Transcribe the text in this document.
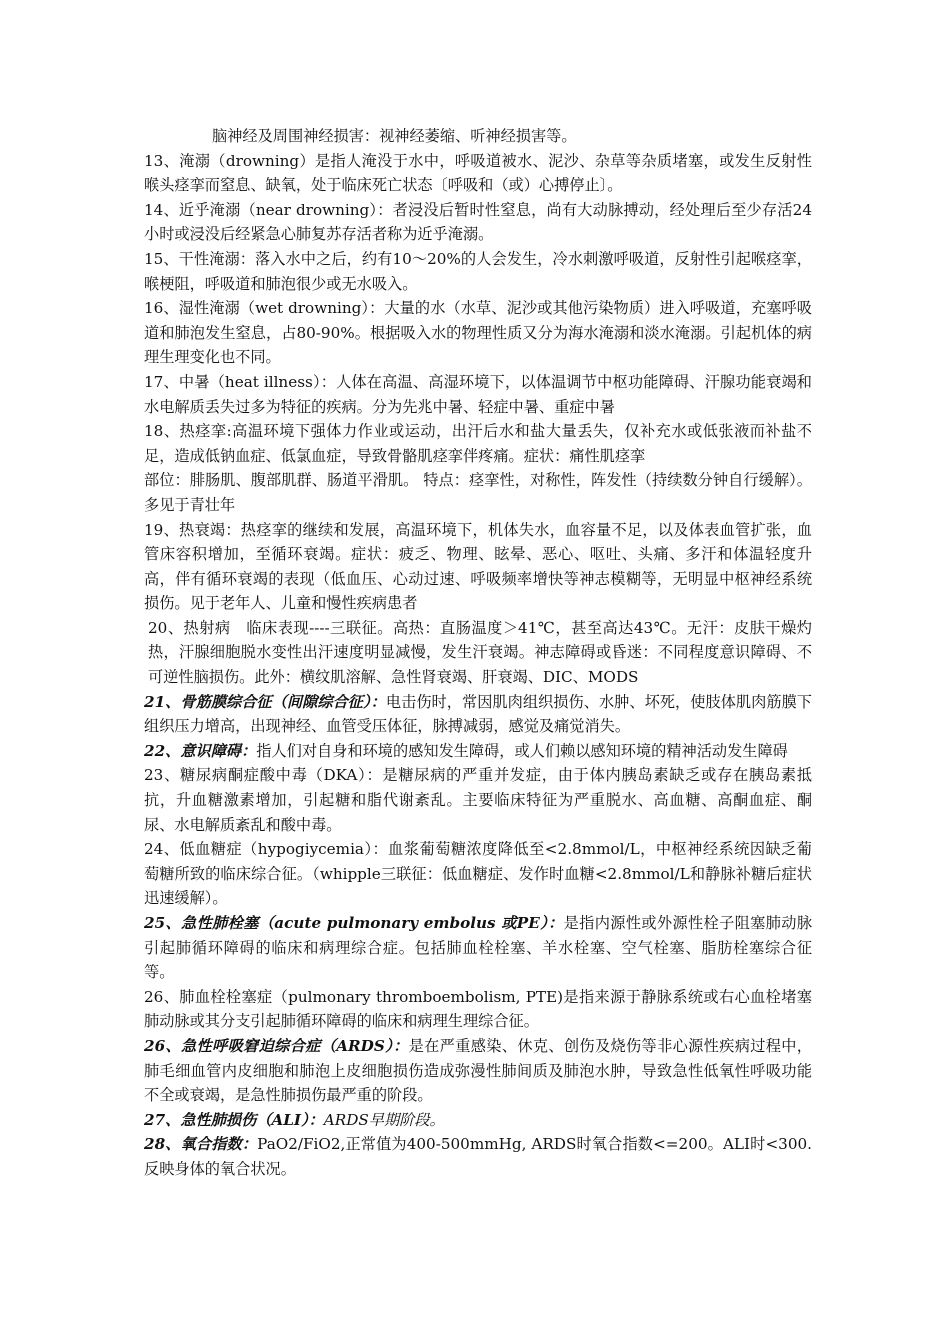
脑神经及周围神经损害：视神经萎缩、听神经损害等。

13、淹溺（drowning）是指人淹没于水中，呼吸道被水、泥沙、杂草等杂质堵塞，或发生反射性喉头痉挛而窒息、缺氧，处于临床死亡状态〔呼吸和（或）心搏停止〕。

14、近乎淹溺（near drowning）：者浸没后暂时性窒息，尚有大动脉搏动，经处理后至少存活24小时或浸没后经紧急心肺复苏存活者称为近乎淹溺。

15、干性淹溺：落入水中之后，约有10～20%的人会发生，冷水刺激呼吸道，反射性引起喉痉挛，喉梗阻，呼吸道和肺泡很少或无水吸入。

16、湿性淹溺（wet drowning）：大量的水（水草、泥沙或其他污染物质）进入呼吸道，充塞呼吸道和肺泡发生窒息，占80-90%。根据吸入水的物理性质又分为海水淹溺和淡水淹溺。引起机体的病理生理变化也不同。

17、中暑（heat illness）：人体在高温、高湿环境下，以体温调节中枢功能障碍、汗腺功能衰竭和水电解质丢失过多为特征的疾病。分为先兆中暑、轻症中暑、重症中暑

18、热痉挛:高温环境下强体力作业或运动，出汗后水和盐大量丢失，仅补充水或低张液而补盐不足，造成低钠血症、低氯血症，导致骨骼肌痉挛伴疼痛。症状：痛性肌痉挛

部位：腓肠肌、腹部肌群、肠道平滑肌。 特点：痉挛性，对称性，阵发性（持续数分钟自行缓解）。多见于青壮年

19、热衰竭：热痉挛的继续和发展，高温环境下，机体失水，血容量不足，以及体表血管扩张，血管床容积增加，至循环衰竭。症状：疲乏、物理、眩晕、恶心、呕吐、头痛、多汗和体温轻度升高，伴有循环衰竭的表现（低血压、心动过速、呼吸频率增快等神志模糊等，无明显中枢神经系统损伤。见于老年人、儿童和慢性疾病患者

20、热射病　临床表现----三联征。高热：直肠温度＞41℃，甚至高达43℃。无汗：皮肤干燥灼热，汗腺细胞脱水变性出汗速度明显减慢，发生汗衰竭。神志障碍或昏迷：不同程度意识障碍、不可逆性脑损伤。此外：横纹肌溶解、急性肾衰竭、肝衰竭、DIC、MODS

21、骨筋膜综合征（间隙综合征）：电击伤时，常因肌肉组织损伤、水肿、坏死，使肢体肌肉筋膜下组织压力增高，出现神经、血管受压体征，脉搏减弱，感觉及痛觉消失。

22、意识障碍：指人们对自身和环境的感知发生障碍，或人们赖以感知环境的精神活动发生障碍

23、糖尿病酮症酸中毒（DKA）：是糖尿病的严重并发症，由于体内胰岛素缺乏或存在胰岛素抵抗，升血糖激素增加，引起糖和脂代谢紊乱。主要临床特征为严重脱水、高血糖、高酮血症、酮尿、水电解质紊乱和酸中毒。

24、低血糖症（hypogiycemia）：血浆葡萄糖浓度降低至<2.8mmol/L，中枢神经系统因缺乏葡萄糖所致的临床综合征。（whipple三联征：低血糖症、发作时血糖<2.8mmol/L和静脉补糖后症状迅速缓解）。

25、急性肺栓塞（acute pulmonary embolus 或PE）：是指内源性或外源性栓子阻塞肺动脉引起肺循环障碍的临床和病理综合症。包括肺血栓栓塞、羊水栓塞、空气栓塞、脂肪栓塞综合征等。

26、肺血栓栓塞症（pulmonary thromboembolism, PTE)是指来源于静脉系统或右心血栓堵塞肺动脉或其分支引起肺循环障碍的临床和病理生理综合征。

26、急性呼吸窘迫综合症（ARDS）：是在严重感染、休克、创伤及烧伤等非心源性疾病过程中，肺毛细血管内皮细胞和肺泡上皮细胞损伤造成弥漫性肺间质及肺泡水肿，导致急性低氧性呼吸功能不全或衰竭，是急性肺损伤最严重的阶段。

27、急性肺损伤（ALI）：ARDS早期阶段。

28、氧合指数：PaO2/FiO2,正常值为400-500mmHg, ARDS时氧合指数<=200。ALI时<300.反映身体的氧合状况。
